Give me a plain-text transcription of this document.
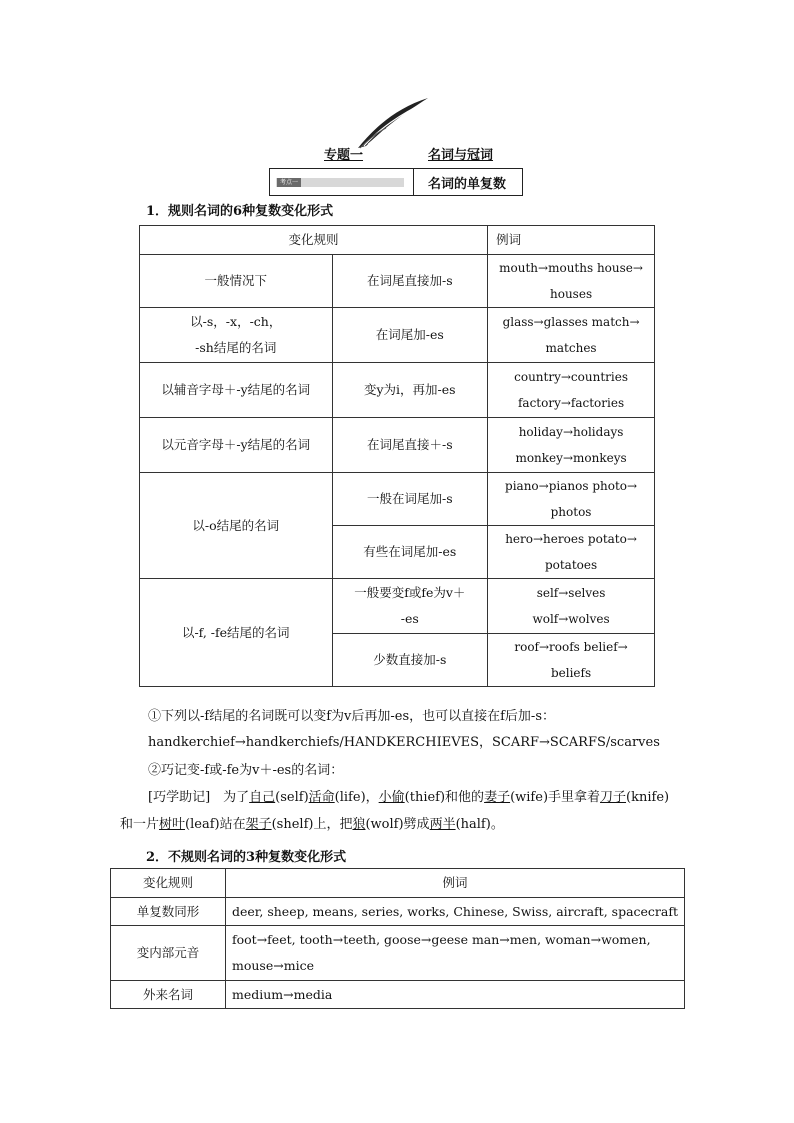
专题一	名词与冠词
考点一	名词的单复数
1．规则名词的6种复数变化形式
变化规则		例词
一般情况下	在词尾直接加-s	mouth→mouths house→
houses
以-s，-x，-ch，
-sh结尾的名词	在词尾加-es	glass→glasses match→
matches
以辅音字母＋-y结尾的名词	变y为i，再加-es	country→countries
factory→factories
以元音字母＋-y结尾的名词	在词尾直接＋-s	holiday→holidays
monkey→monkeys
以-o结尾的名词	一般在词尾加-s	piano→pianos photo→
photos
	有些在词尾加-es	hero→heroes potato→
potatoes
以-f, -fe结尾的名词	一般要变f或fe为v＋
-es	self→selves
wolf→wolves
	少数直接加-s	roof→roofs belief→
beliefs
①下列以-f结尾的名词既可以变f为v后再加-es，也可以直接在f后加-s：
handkerchief→handkerchiefs/HANDKERCHIEVES，SCARF→SCARFS/scarves
②巧记变-f或-fe为v＋-es的名词：
[巧学助记]　为了自己(self)活命(life)，小偷(thief)和他的妻子(wife)手里拿着刀子(knife)
和一片树叶(leaf)站在架子(shelf)上，把狼(wolf)劈成两半(half)。
2．不规则名词的3种复数变化形式
变化规则	例词
单复数同形	deer, sheep, means, series, works, Chinese, Swiss, aircraft, spacecraft
变内部元音	foot→feet, tooth→teeth, goose→geese man→men, woman→women,
mouse→mice
外来名词	medium→media
